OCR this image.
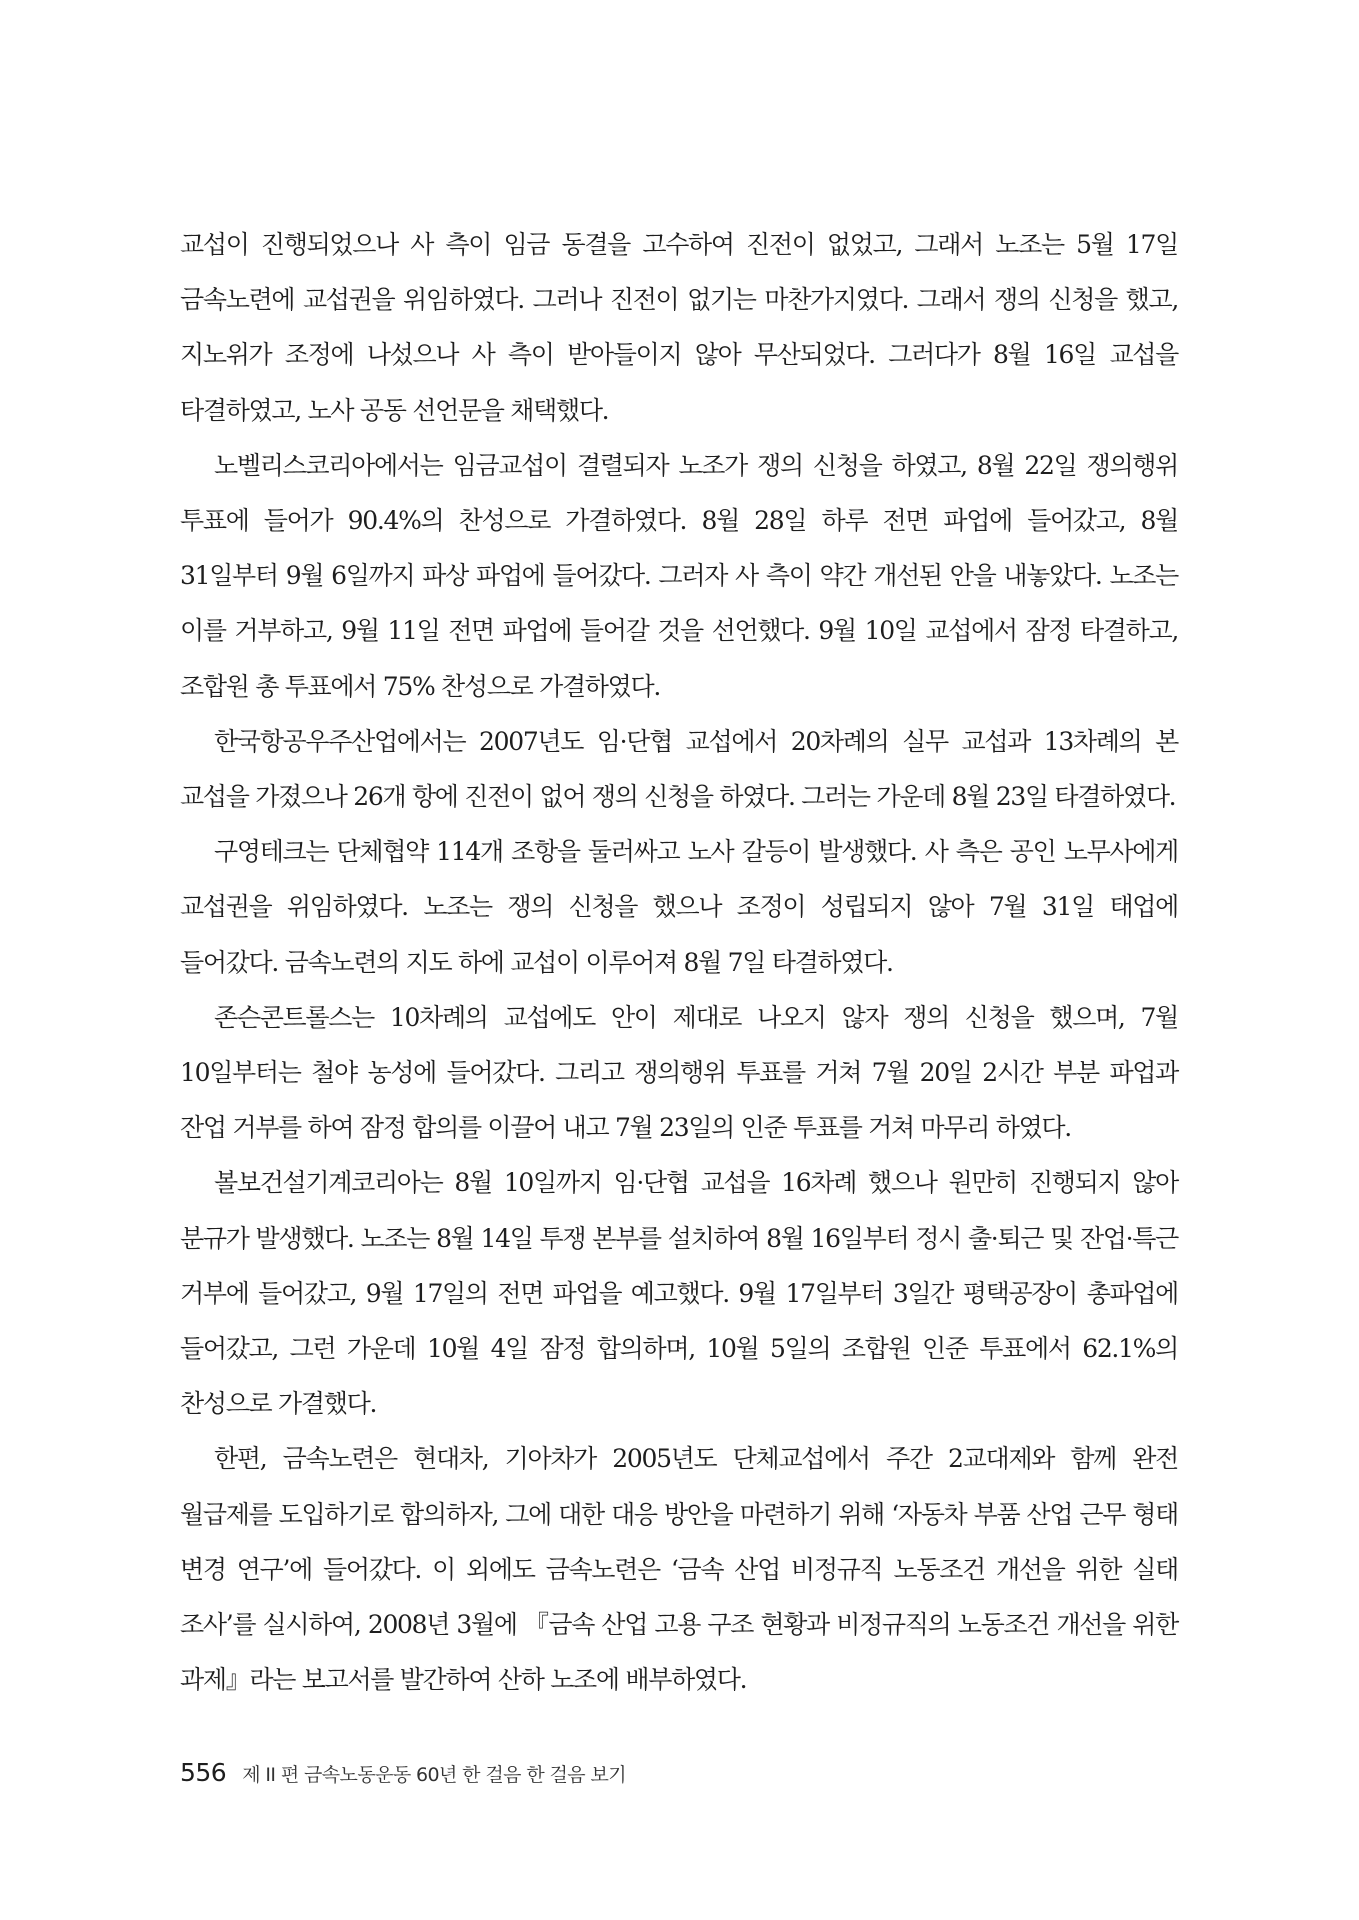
교섭이 진행되었으나 사 측이 임금 동결을 고수하여 진전이 없었고, 그래서 노조는 5월 17일 금속노련에 교섭권을 위임하였다. 그러나 진전이 없기는 마찬가지였다. 그래서 쟁의 신청을 했고, 지노위가 조정에 나섰으나 사 측이 받아들이지 않아 무산되었다. 그러다가 8월 16일 교섭을 타결하였고, 노사 공동 선언문을 채택했다.

노벨리스코리아에서는 임금교섭이 결렬되자 노조가 쟁의 신청을 하였고, 8월 22일 쟁의행위 투표에 들어가 90.4%의 찬성으로 가결하였다. 8월 28일 하루 전면 파업에 들어갔고, 8월 31일부터 9월 6일까지 파상 파업에 들어갔다. 그러자 사 측이 약간 개선된 안을 내놓았다. 노조는 이를 거부하고, 9월 11일 전면 파업에 들어갈 것을 선언했다. 9월 10일 교섭에서 잠정 타결하고, 조합원 총 투표에서 75% 찬성으로 가결하였다.

한국항공우주산업에서는 2007년도 임·단협 교섭에서 20차례의 실무 교섭과 13차례의 본 교섭을 가졌으나 26개 항에 진전이 없어 쟁의 신청을 하였다. 그러는 가운데 8월 23일 타결하였다.

구영테크는 단체협약 114개 조항을 둘러싸고 노사 갈등이 발생했다. 사 측은 공인 노무사에게 교섭권을 위임하였다. 노조는 쟁의 신청을 했으나 조정이 성립되지 않아 7월 31일 태업에 들어갔다. 금속노련의 지도 하에 교섭이 이루어져 8월 7일 타결하였다.

존슨콘트롤스는 10차례의 교섭에도 안이 제대로 나오지 않자 쟁의 신청을 했으며, 7월 10일부터는 철야 농성에 들어갔다. 그리고 쟁의행위 투표를 거쳐 7월 20일 2시간 부분 파업과 잔업 거부를 하여 잠정 합의를 이끌어 내고 7월 23일의 인준 투표를 거쳐 마무리 하였다.

볼보건설기계코리아는 8월 10일까지 임·단협 교섭을 16차례 했으나 원만히 진행되지 않아 분규가 발생했다. 노조는 8월 14일 투쟁 본부를 설치하여 8월 16일부터 정시 출·퇴근 및 잔업·특근 거부에 들어갔고, 9월 17일의 전면 파업을 예고했다. 9월 17일부터 3일간 평택공장이 총파업에 들어갔고, 그런 가운데 10월 4일 잠정 합의하며, 10월 5일의 조합원 인준 투표에서 62.1%의 찬성으로 가결했다.

한편, 금속노련은 현대차, 기아차가 2005년도 단체교섭에서 주간 2교대제와 함께 완전 월급제를 도입하기로 합의하자, 그에 대한 대응 방안을 마련하기 위해 ‘자동차 부품 산업 근무 형태 변경 연구’에 들어갔다. 이 외에도 금속노련은 ‘금속 산업 비정규직 노동조건 개선을 위한 실태 조사’를 실시하여, 2008년 3월에 『금속 산업 고용 구조 현황과 비정규직의 노동조건 개선을 위한 과제』라는 보고서를 발간하여 산하 노조에 배부하였다.

556 제 II 편 금속노동운동 60년 한 걸음 한 걸음 보기
